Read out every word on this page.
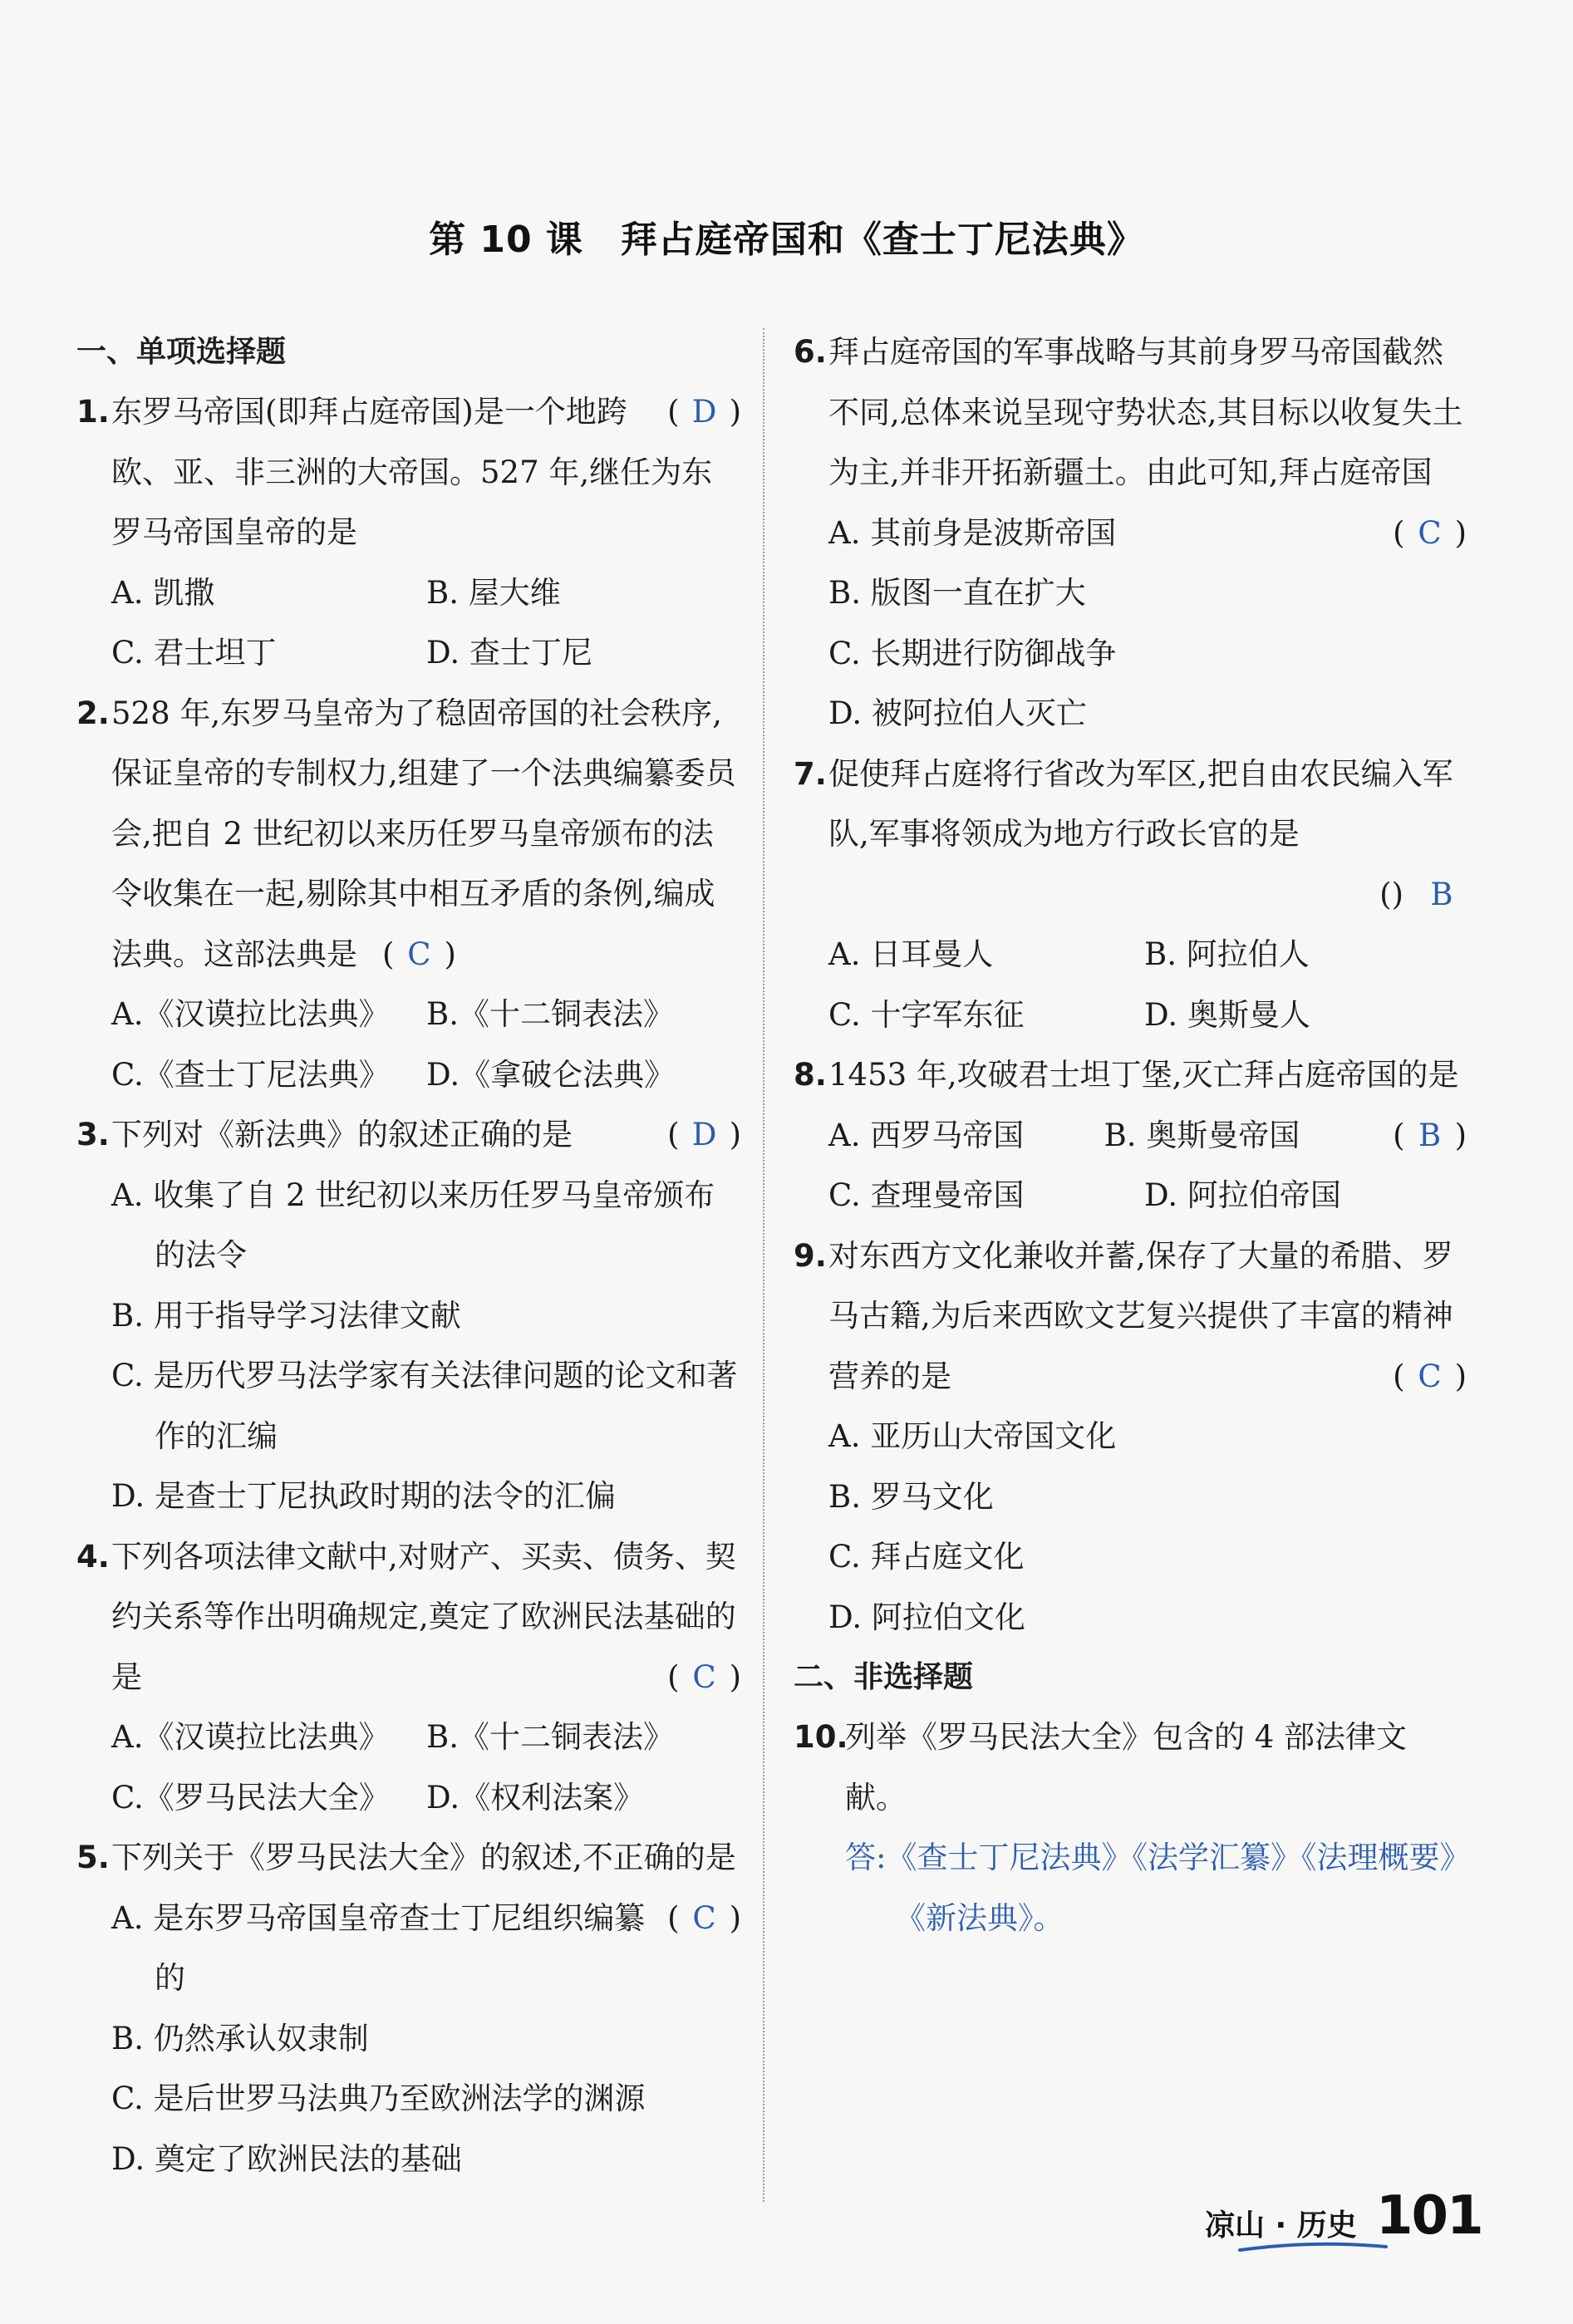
第 10 课　拜占庭帝国和《查士丁尼法典》
一、单项选择题
1.	( D )
东罗马帝国(即拜占庭帝国)是一个地跨欧、亚、非三洲的大帝国。527 年,继任为东罗马帝国皇帝的是
A. 凯撒	B. 屋大维
C. 君士坦丁	D. 查士丁尼
2. 528 年,东罗马皇帝为了稳固帝国的社会秩序,保证皇帝的专制权力,组建了一个法典编纂委员会,把自 2 世纪初以来历任罗马皇帝颁布的法令收集在一起,剔除其中相互矛盾的条例,编成法典。这部法典是 ( C )
A.《汉谟拉比法典》	B.《十二铜表法》
C.《查士丁尼法典》	D.《拿破仑法典》
3.	( D )
下列对《新法典》的叙述正确的是
A. 收集了自 2 世纪初以来历任罗马皇帝颁布的法令
B. 用于指导学习法律文献
C. 是历代罗马法学家有关法律问题的论文和著作的汇编
D. 是查士丁尼执政时期的法令的汇偏
4. 下列各项法律文献中,对财产、买卖、债务、契约关系等作出明确规定,奠定了欧洲民法基础的是	( C )
A.《汉谟拉比法典》	B.《十二铜表法》
C.《罗马民法大全》	D.《权利法案》
5. 下列关于《罗马民法大全》的叙述,不正确的是
( C )
A. 是东罗马帝国皇帝查士丁尼组织编纂的
B. 仍然承认奴隶制
C. 是后世罗马法典乃至欧洲法学的渊源
D. 奠定了欧洲民法的基础
6. 拜占庭帝国的军事战略与其前身罗马帝国截然不同,总体来说呈现守势状态,其目标以收复失土为主,并非开拓新疆土。由此可知,拜占庭帝国
( C )
A. 其前身是波斯帝国
B. 版图一直在扩大
C. 长期进行防御战争
D. 被阿拉伯人灭亡
7. 促使拜占庭将行省改为军区,把自由农民编入军队,军事将领成为地方行政长官的是
(	B
)
A. 日耳曼人	B. 阿拉伯人
C. 十字军东征	D. 奥斯曼人
8. 1453 年,攻破君士坦丁堡,灭亡拜占庭帝国的是
( B )
A. 西罗马帝国	B. 奥斯曼帝国
C. 查理曼帝国	D. 阿拉伯帝国
9. 对东西方文化兼收并蓄,保存了大量的希腊、罗马古籍,为后来西欧文艺复兴提供了丰富的精神营养的是	( C )
A. 亚历山大帝国文化
B. 罗马文化
C. 拜占庭文化
D. 阿拉伯文化
二、非选择题
10.
列举《罗马民法大全》包含的 4 部法律文献。
答:《查士丁尼法典》《法学汇纂》《法理概要》《新法典》。
凉山 · 历史 101
